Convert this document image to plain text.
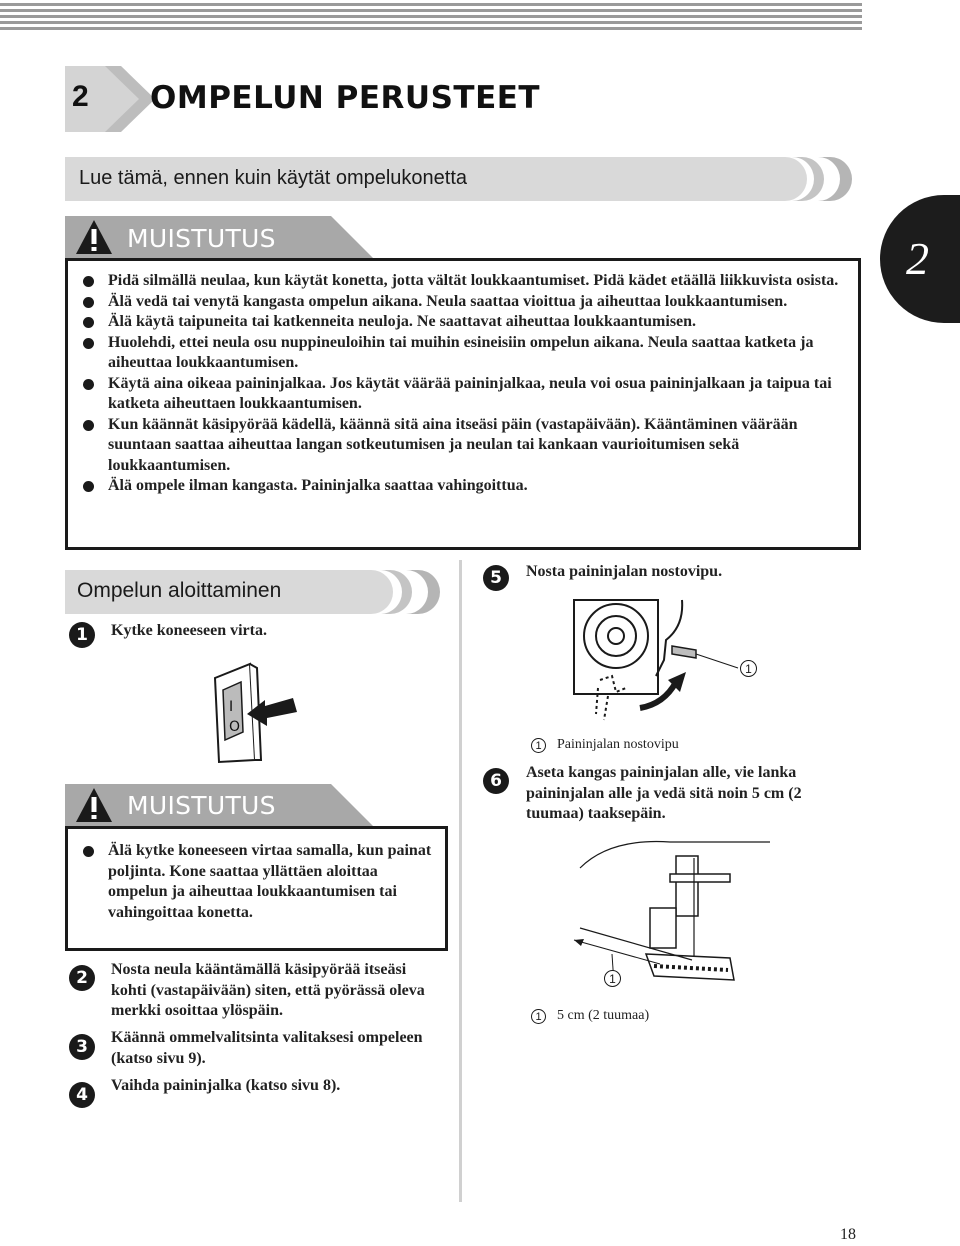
2 OMPELUN PERUSTEET
2
Lue tämä, ennen kuin käytät ompelukonetta
MUISTUTUS
Pidä silmällä neulaa, kun käytät konetta, jotta vältät loukkaantumiset. Pidä kädet etäällä liikkuvista osista.
Älä vedä tai venytä kangasta ompelun aikana. Neula saattaa vioittua ja aiheuttaa loukkaantumisen.
Älä käytä taipuneita tai katkenneita neuloja. Ne saattavat aiheuttaa loukkaantumisen.
Huolehdi, ettei neula osu nuppineuloihin tai muihin esineisiin ompelun aikana. Neula saattaa katketa ja aiheuttaa loukkaantumisen.
Käytä aina oikeaa paininjalkaa. Jos käytät väärää paininjalkaa, neula voi osua paininjalkaan ja taipua tai katketa aiheuttaen loukkaantumisen.
Kun käännät käsipyörää kädellä, käännä sitä aina itseäsi päin (vastapäivään). Kääntäminen väärään suuntaan saattaa aiheuttaa langan sotkeutumisen ja neulan tai kankaan vaurioitumisen sekä loukkaantumisen.
Älä ompele ilman kangasta. Paininjalka saattaa vahingoittua.
Ompelun aloittaminen
1	Kytke koneeseen virta.
I
O
MUISTUTUS
Älä kytke koneeseen virtaa samalla, kun painat poljinta. Kone saattaa yllättäen aloittaa ompelun ja aiheuttaa loukkaantumisen tai vahingoittaa konetta.
2	Nosta neula kääntämällä käsipyörää itseäsi kohti (vastapäivään) siten, että pyörässä oleva merkki osoittaa ylöspäin.
3	Käännä ommelvalitsinta valitaksesi ompeleen (katso sivu 9).
4	Vaihda paininjalka (katso sivu 8).
5	Nosta paininjalan nostovipu.
1
1	Paininjalan nostovipu
6	Aseta kangas paininjalan alle, vie lanka paininjalan alle ja vedä sitä noin 5 cm (2 tuumaa) taaksepäin.
1
1	5 cm (2 tuumaa)
18
